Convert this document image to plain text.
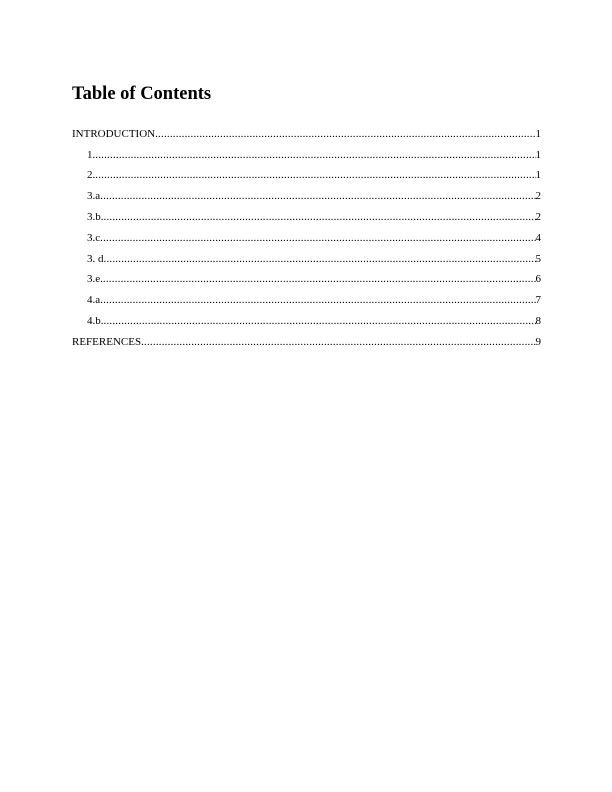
Table of Contents
INTRODUCTION .....	1
1. .....	1
2. .....	1
3.a .....	2
3.b. .....	2
3.c .....	4
3. d .....	5
3.e. .....	6
4.a .....	7
4.b. .....	8
REFERENCES .....	9
